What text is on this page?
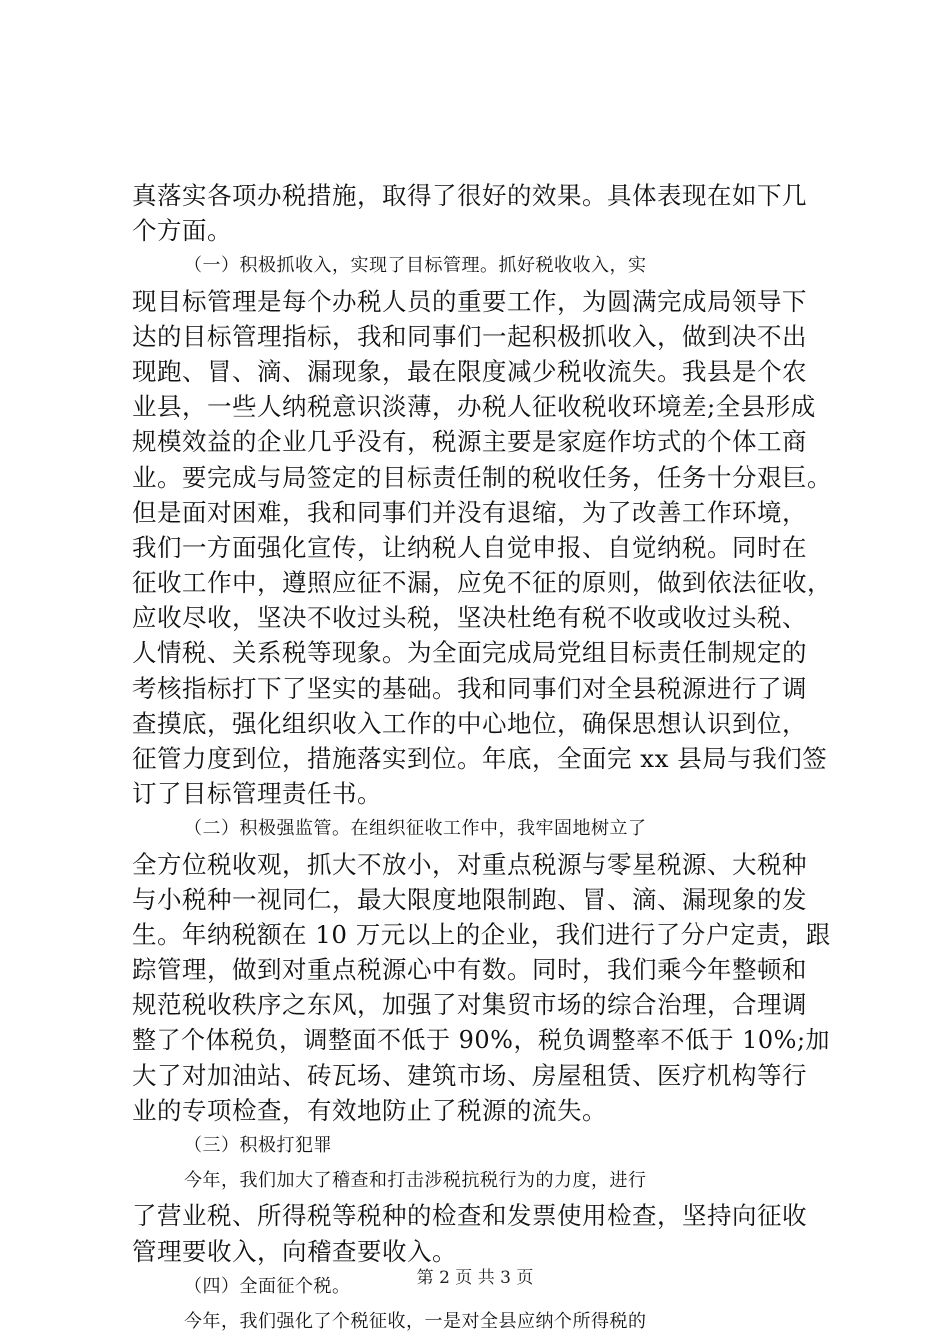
真落实各项办税措施，取得了很好的效果。具体表现在如下几
个方面。
（一）积极抓收入，实现了目标管理。抓好税收收入，实
现目标管理是每个办税人员的重要工作，为圆满完成局领导下
达的目标管理指标，我和同事们一起积极抓收入，做到决不出
现跑、冒、滴、漏现象，最在限度减少税收流失。我县是个农
业县，一些人纳税意识淡薄，办税人征收税收环境差;全县形成
规模效益的企业几乎没有，税源主要是家庭作坊式的个体工商
业。要完成与局签定的目标责任制的税收任务，任务十分艰巨。
但是面对困难，我和同事们并没有退缩，为了改善工作环境，
我们一方面强化宣传，让纳税人自觉申报、自觉纳税。同时在
征收工作中，遵照应征不漏，应免不征的原则，做到依法征收，
应收尽收，坚决不收过头税，坚决杜绝有税不收或收过头税、
人情税、关系税等现象。为全面完成局党组目标责任制规定的
考核指标打下了坚实的基础。我和同事们对全县税源进行了调
查摸底，强化组织收入工作的中心地位，确保思想认识到位，
征管力度到位，措施落实到位。年底，全面完 xx 县局与我们签
订了目标管理责任书。
（二）积极强监管。在组织征收工作中，我牢固地树立了
全方位税收观，抓大不放小，对重点税源与零星税源、大税种
与小税种一视同仁，最大限度地限制跑、冒、滴、漏现象的发
生。年纳税额在 10 万元以上的企业，我们进行了分户定责，跟
踪管理，做到对重点税源心中有数。同时，我们乘今年整顿和
规范税收秩序之东风，加强了对集贸市场的综合治理，合理调
整了个体税负，调整面不低于 90%，税负调整率不低于 10%;加
大了对加油站、砖瓦场、建筑市场、房屋租赁、医疗机构等行
业的专项检查，有效地防止了税源的流失。
（三）积极打犯罪
今年，我们加大了稽查和打击涉税抗税行为的力度，进行
了营业税、所得税等税种的检查和发票使用检查，坚持向征收
管理要收入，向稽查要收入。
（四）全面征个税。
今年，我们强化了个税征收，一是对全县应纳个所得税的
第 2 页 共 3 页
